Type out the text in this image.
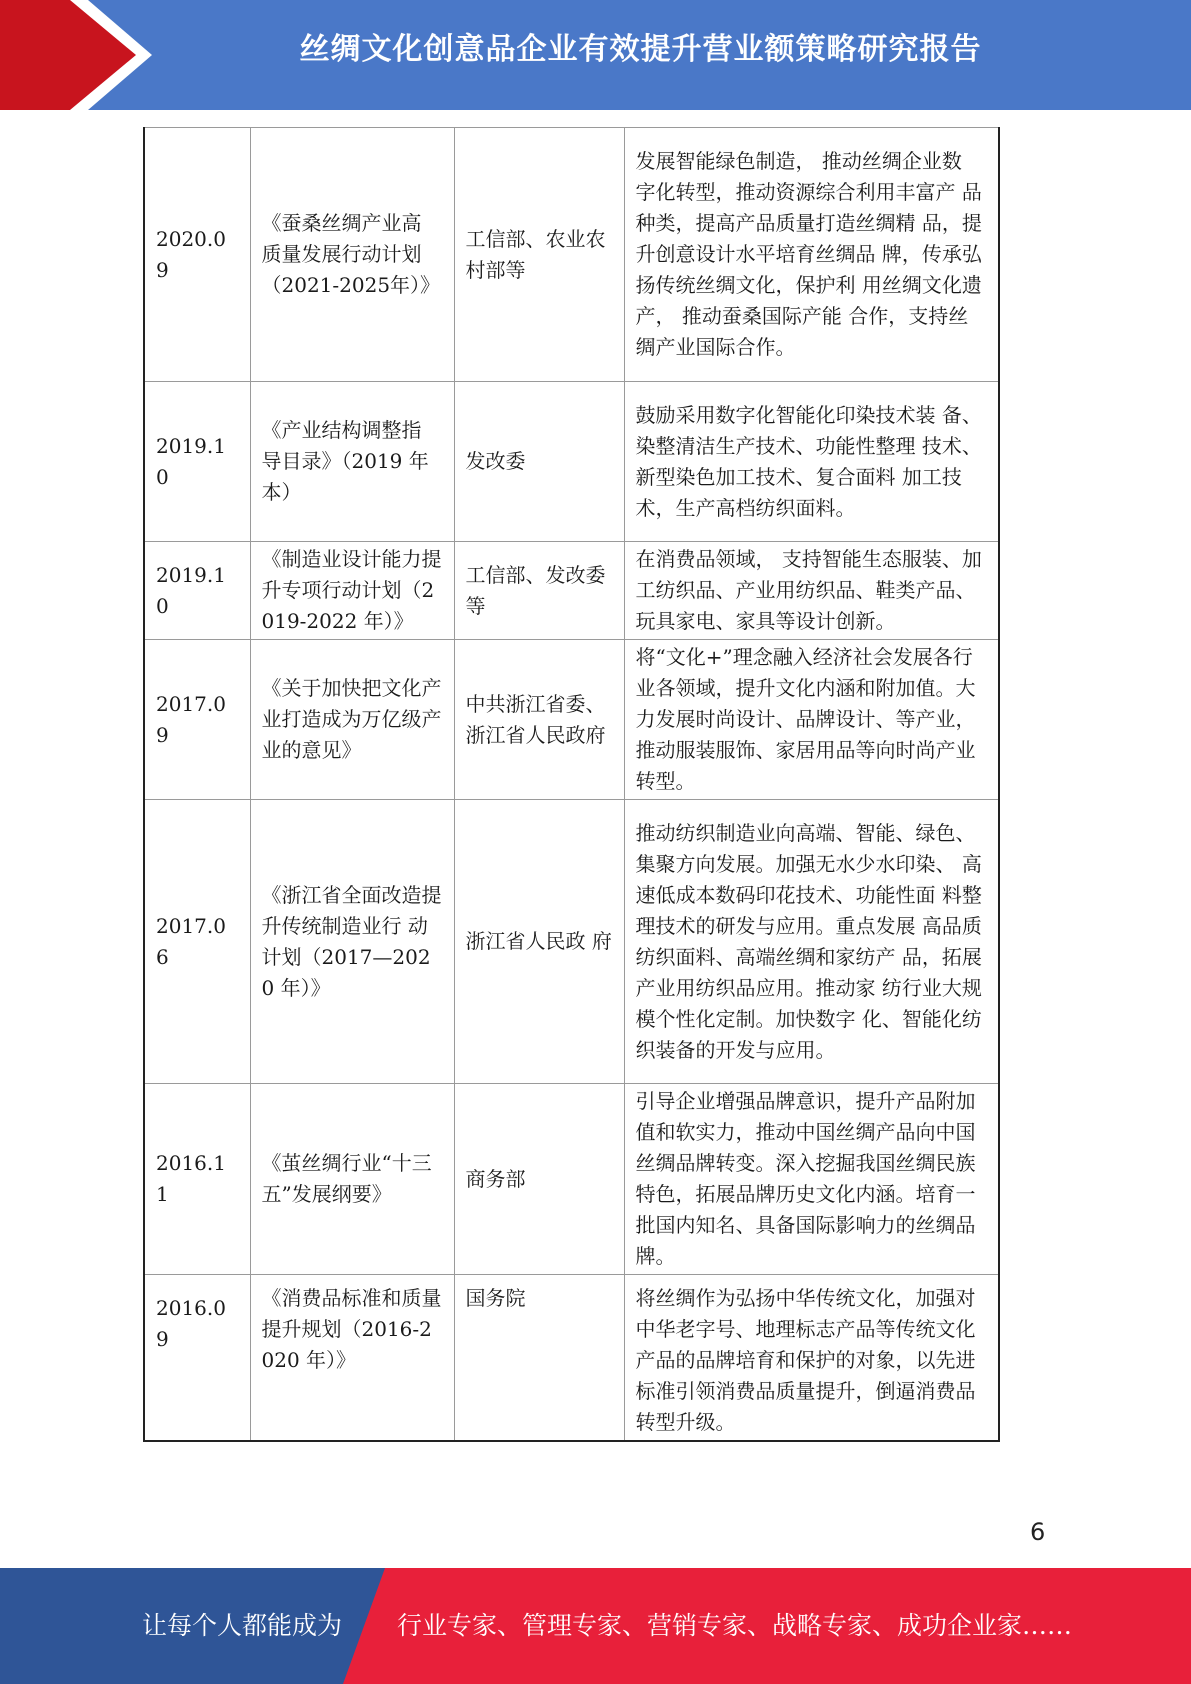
丝绸文化创意品企业有效提升营业额策略研究报告
2020.09	《蚕桑丝绸产业高 质量发展行动计划（2021-2025年）》	工信部、农业农村部等	发展智能绿色制造， 推动丝绸企业数 字化转型，推动资源综合利用丰富产 品种类，提高产品质量打造丝绸精 品，提升创意设计水平培育丝绸品 牌，传承弘扬传统丝绸文化，保护利 用丝绸文化遗产， 推动蚕桑国际产能 合作，支持丝绸产业国际合作。
2019.10	《产业结构调整指 导目录》（2019 年 本）	发改委	鼓励采用数字化智能化印染技术装 备、染整清洁生产技术、功能性整理 技术、新型染色加工技术、复合面料 加工技术，生产高档纺织面料。
2019.10	《制造业设计能力提升专项行动计划（2019-2022 年）》	工信部、发改委等	在消费品领域， 支持智能生态服装、加工纺织品、产业用纺织品、鞋类产品、玩具家电、家具等设计创新。
2017.09	《关于加快把文化产业打造成为万亿级产业的意见》	中共浙江省委、浙江省人民政府	将“文化+”理念融入经济社会发展各行 业各领域，提升文化内涵和附加值。大 力发展时尚设计、品牌设计、等产业， 推动服装服饰、家居用品等向时尚产业 转型。
2017.06	《浙江省全面改造提升传统制造业行 动计划（2017—2020 年）》	浙江省人民政 府	推动纺织制造业向高端、智能、绿色、 集聚方向发展。加强无水少水印染、 高速低成本数码印花技术、功能性面 料整理技术的研发与应用。重点发展 高品质纺织面料、高端丝绸和家纺产 品，拓展产业用纺织品应用。推动家 纺行业大规模个性化定制。加快数字 化、智能化纺织装备的开发与应用。
2016.11	《茧丝绸行业“十三五”发展纲要》	商务部	引导企业增强品牌意识，提升产品附加值和软实力，推动中国丝绸产品向中国丝绸品牌转变。深入挖掘我国丝绸民族特色，拓展品牌历史文化内涵。培育一批国内知名、具备国际影响力的丝绸品牌。
2016.09	《消费品标准和质量提升规划（2016-2020 年）》	国务院	将丝绸作为弘扬中华传统文化，加强对中华老字号、地理标志产品等传统文化产品的品牌培育和保护的对象，以先进标准引领消费品质量提升，倒逼消费品转型升级。
6
让每个人都能成为 行业专家、管理专家、营销专家、战略专家、成功企业家……
